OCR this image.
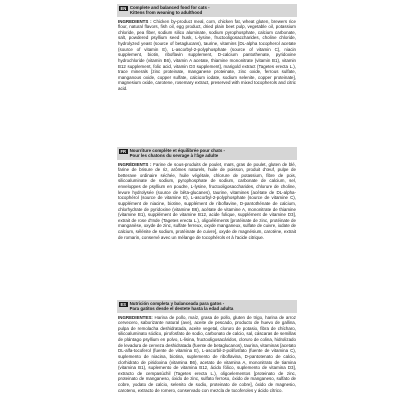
EN Complete and balanced food for cats -
Kittens from weaning to adulthood

INGREDIENTS : Chicken by-product meal, corn, chicken fat, wheat gluten, brewers rice flour, natural flavors, fish oil, egg product, dried plain beet pulp, vegetable oil, potassium chloride, pea fiber, sodium silico aluminate, sodium pyrophosphate, calcium carbonate, salt, powdered psyllium seed husk, L-lysine, fructooligosaccharides, choline chloride, hydrolyzed yeast (source of betaglucans), taurine, vitamins [DL-alpha tocopherol acetate (source of vitamin E), L-ascorbyl-2-polyphosphate (source of vitamin C), niacin supplement, biotin, riboflavin supplement, D-calcium pantothenate, pyridoxine hydrochloride (vitamin B6), vitamin A acetate, thiamine mononitrate (vitamin B1), vitamin B12 supplement, folic acid, vitamin D3 supplement], marigold extract (Tagetes erecta L.), trace minerals [zinc proteinate, manganese proteinate, zinc oxide, ferrous sulfate, manganous oxide, copper sulfate, calcium iodate, sodium selenite, copper proteinate], magnesium oxide, carotene, rosemary extract, preserved with mixed tocopherols and citric acid.

FR Nourriture complète et équilibrée pour chats -
Pour les chatons du sevrage à l'âge adulte

INGRÉDIENTS : Farine de sous-produits de poulet, maïs, gras de poulet, gluten de blé, farine de brisure de riz, arômes naturels, huile de poisson, produit d'œuf, pulpe de betterave ordinaire séchée, huile végétale, chlorure de potassium, fibre de pois, silicoaluminate de sodium, pyrophosphate de sodium, carbonate de calcium, sel, enveloppes de psyllium en poudre, L-lysine, fructooligosaccharides, chlorure de choline, levure hydrolysée (source de bêta-glucanes), taurine, vitamines [acétate de DL-alpha-tocophérol (source de vitamine E), L-ascorbyl-2-polyphosphate (source de vitamine C), supplément de niacine, biotine, supplément de riboflavine, D-pantothénate de calcium, chlorhydrate de pyridoxine (vitamine B6), acétate de vitamine A, mononitrate de thiamine (vitamine B1), supplément de vitamine B12, acide folique, supplément de vitamine D3], extrait de rose d'Inde (Tagetes erecta L.), oligoéléments [protéinate de zinc, protéinate de manganèse, oxyde de zinc, sulfate ferreux, oxyde manganeux, sulfate de cuivre, iodate de calcium, sélénite de sodium, protéinate de cuivre], oxyde de magnésium, carotène, extrait de romarin, conservé avec un mélange de tocophérols et à l'acide citrique.

ES Nutrición completa y balanceada para gatos -
Para gatitos desde el destete hasta la edad adulta

INGREDIENTES: Harina de pollo, maíz, grasa de pollo, gluten de trigo, harina de arroz cervecero, saborizante natural (ave), aceite de pescado, producto de huevo de gallina, pulpa de remolacha deshidratada, aceite vegetal, cloruro de potasio, fibra de chícharo, silicoaluminato sódico, pirofosfato de sodio, carbonato de calcio, sal, cáscaras de semillas de plántago psyllium en polvo, L-lisina, fructooligosacáridos, cloruro de colina, hidrolizado de levadura de cerveza deshidratada (fuente de betaglucanos), taurina, vitaminas [acetato DL-alfa-tocoferol (fuente de vitamina E), L-ascorbil-2-polifosfato (fuente de vitamina C), suplemento de niacina, biotina, suplemento de riboflavina, D-pantotenato de calcio, clorhidrato de piridoxina (vitamina B6), acetato de vitamina A, mononitrato de tiamina (vitamina B1), suplemento de vitamina B12, ácido fólico, suplemento de vitamina D3], extracto de cempasúchil (Tagetes erecta L.), oligoelementos [proteinato de zinc, proteinato de manganeso, óxido de zinc, sulfato ferroso, óxido de manganeso, sulfato de cobre, yodato de calcio, selenito de sodio, proteinato de cobre], óxido de magnesio, caroteno, extracto de romero, conservado con mezcla de tocoferoles y ácido cítrico.
